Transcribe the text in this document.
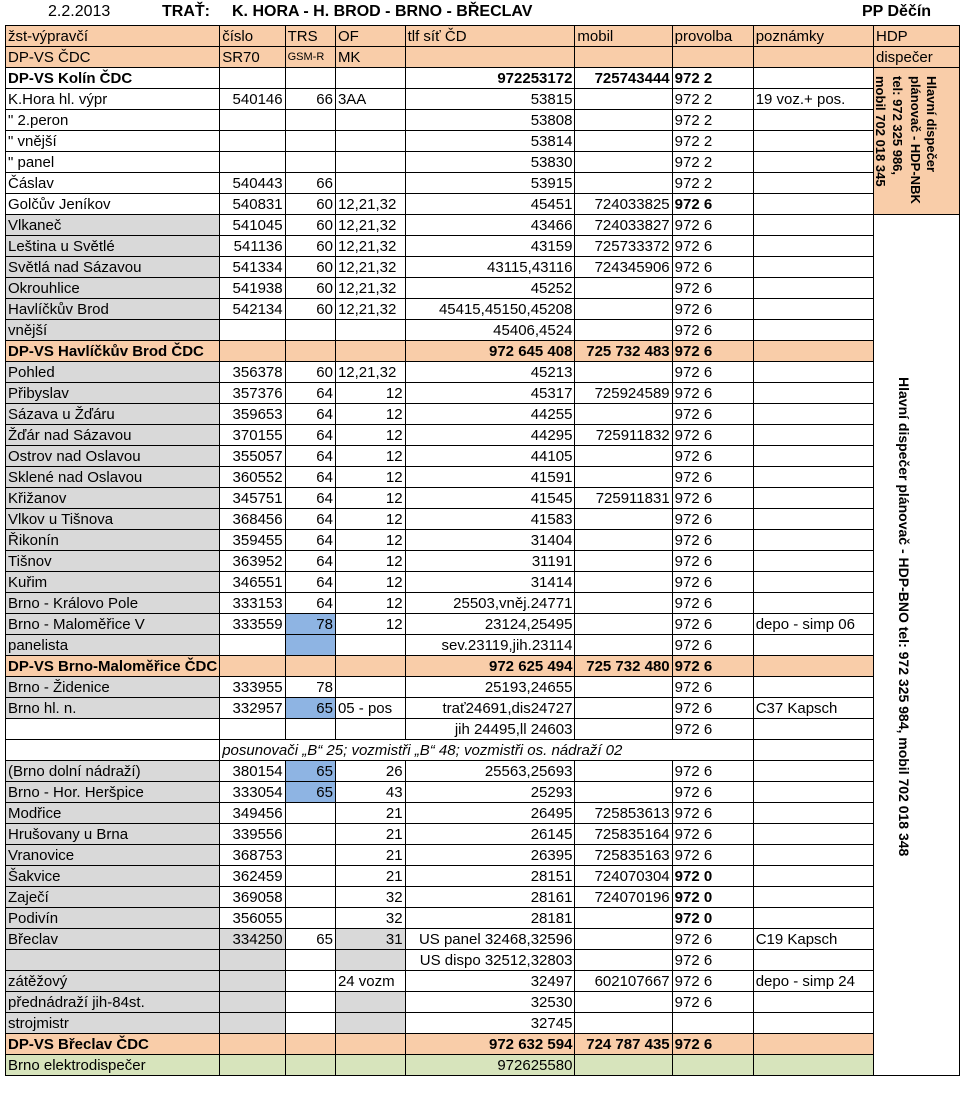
2.2.2013	TRAŤ: K. HORA - H. BROD - BRNO - BŘECLAV	PP Děčín
žst-výpravčí	číslo	TRS	OF	tlf síť ČD	mobil	provolba	poznámky	HDP
DP-VS ČDC	SR70	GSM-R	MK					dispečer
DP-VS Kolín ČDC				972253172	725743444	972 2		
K.Hora hl. výpr	540146	66	3AA	53815		972 2	19 voz.+ pos.	
" 2.peron				53808		972 2		
" vnější				53814		972 2		
" panel				53830		972 2		
Čáslav	540443	66		53915		972 2		
Golčův Jeníkov	540831	60	12,21,32	45451	724033825	972 6		
Vlkaneč	541045	60	12,21,32	43466	724033827	972 6		
Leština u Světlé	541136	60	12,21,32	43159	725733372	972 6		
Světlá nad Sázavou	541334	60	12,21,32	43115,43116	724345906	972 6		
Okrouhlice	541938	60	12,21,32	45252		972 6		
Havlíčkův Brod	542134	60	12,21,32	45415,45150,45208		972 6		
vnější				45406,4524		972 6		
DP-VS Havlíčkův Brod ČDC				972 645 408	725 732 483	972 6		
Pohled	356378	60	12,21,32	45213		972 6		
Přibyslav	357376	64	12	45317	725924589	972 6		
Sázava u Žďáru	359653	64	12	44255		972 6		
Žďár nad Sázavou	370155	64	12	44295	725911832	972 6		
Ostrov nad Oslavou	355057	64	12	44105		972 6		
Sklené nad Oslavou	360552	64	12	41591		972 6		
Křižanov	345751	64	12	41545	725911831	972 6		
Vlkov u Tišnova	368456	64	12	41583		972 6		
Řikonín	359455	64	12	31404		972 6		
Tišnov	363952	64	12	31191		972 6		
Kuřim	346551	64	12	31414		972 6		
Brno - Královo Pole	333153	64	12	25503,vněj.24771		972 6		
Brno - Maloměřice V	333559	78	12	23124,25495		972 6	depo - simp 06	
panelista				sev.23119,jih.23114		972 6		
DP-VS Brno-Maloměřice ČDC				972 625 494	725 732 480	972 6		
Brno - Židenice	333955	78		25193,24655		972 6		
Brno hl. n.	332957	65	05 - pos	trať24691,dis24727		972 6	C37 Kapsch	
				jih 24495,ll 24603		972 6		
	posunovači „B“ 25; vozmistři „B“ 48; vozmistři os. nádraží 02							
(Brno dolní nádraží)	380154	65	26	25563,25693		972 6		
Brno - Hor. Heršpice	333054	65	43	25293		972 6		
Modřice	349456		21	26495	725853613	972 6		
Hrušovany u Brna	339556		21	26145	725835164	972 6		
Vranovice	368753		21	26395	725835163	972 6		
Šakvice	362459		21	28151	724070304	972 0		
Zaječí	369058		32	28161	724070196	972 0		
Podivín	356055		32	28181		972 0		
Břeclav	334250	65	31	US panel 32468,32596		972 6	C19 Kapsch	
				US dispo 32512,32803		972 6		
zátěžový			24 vozm	32497	602107667	972 6	depo - simp 24	
přednádraží jih-84st.				32530		972 6		
strojmistr				32745				
DP-VS Břeclav ČDC				972 632 594	724 787 435	972 6		
Brno elektrodispečer				972625580				
Hlavní dispečer
plánovač - HDP-NBK
tel: 972 325 986,
mobil 702 018 345
Hlavní dispečer plánovač - HDP-BNO tel: 972 325 984, mobil 702 018 348
